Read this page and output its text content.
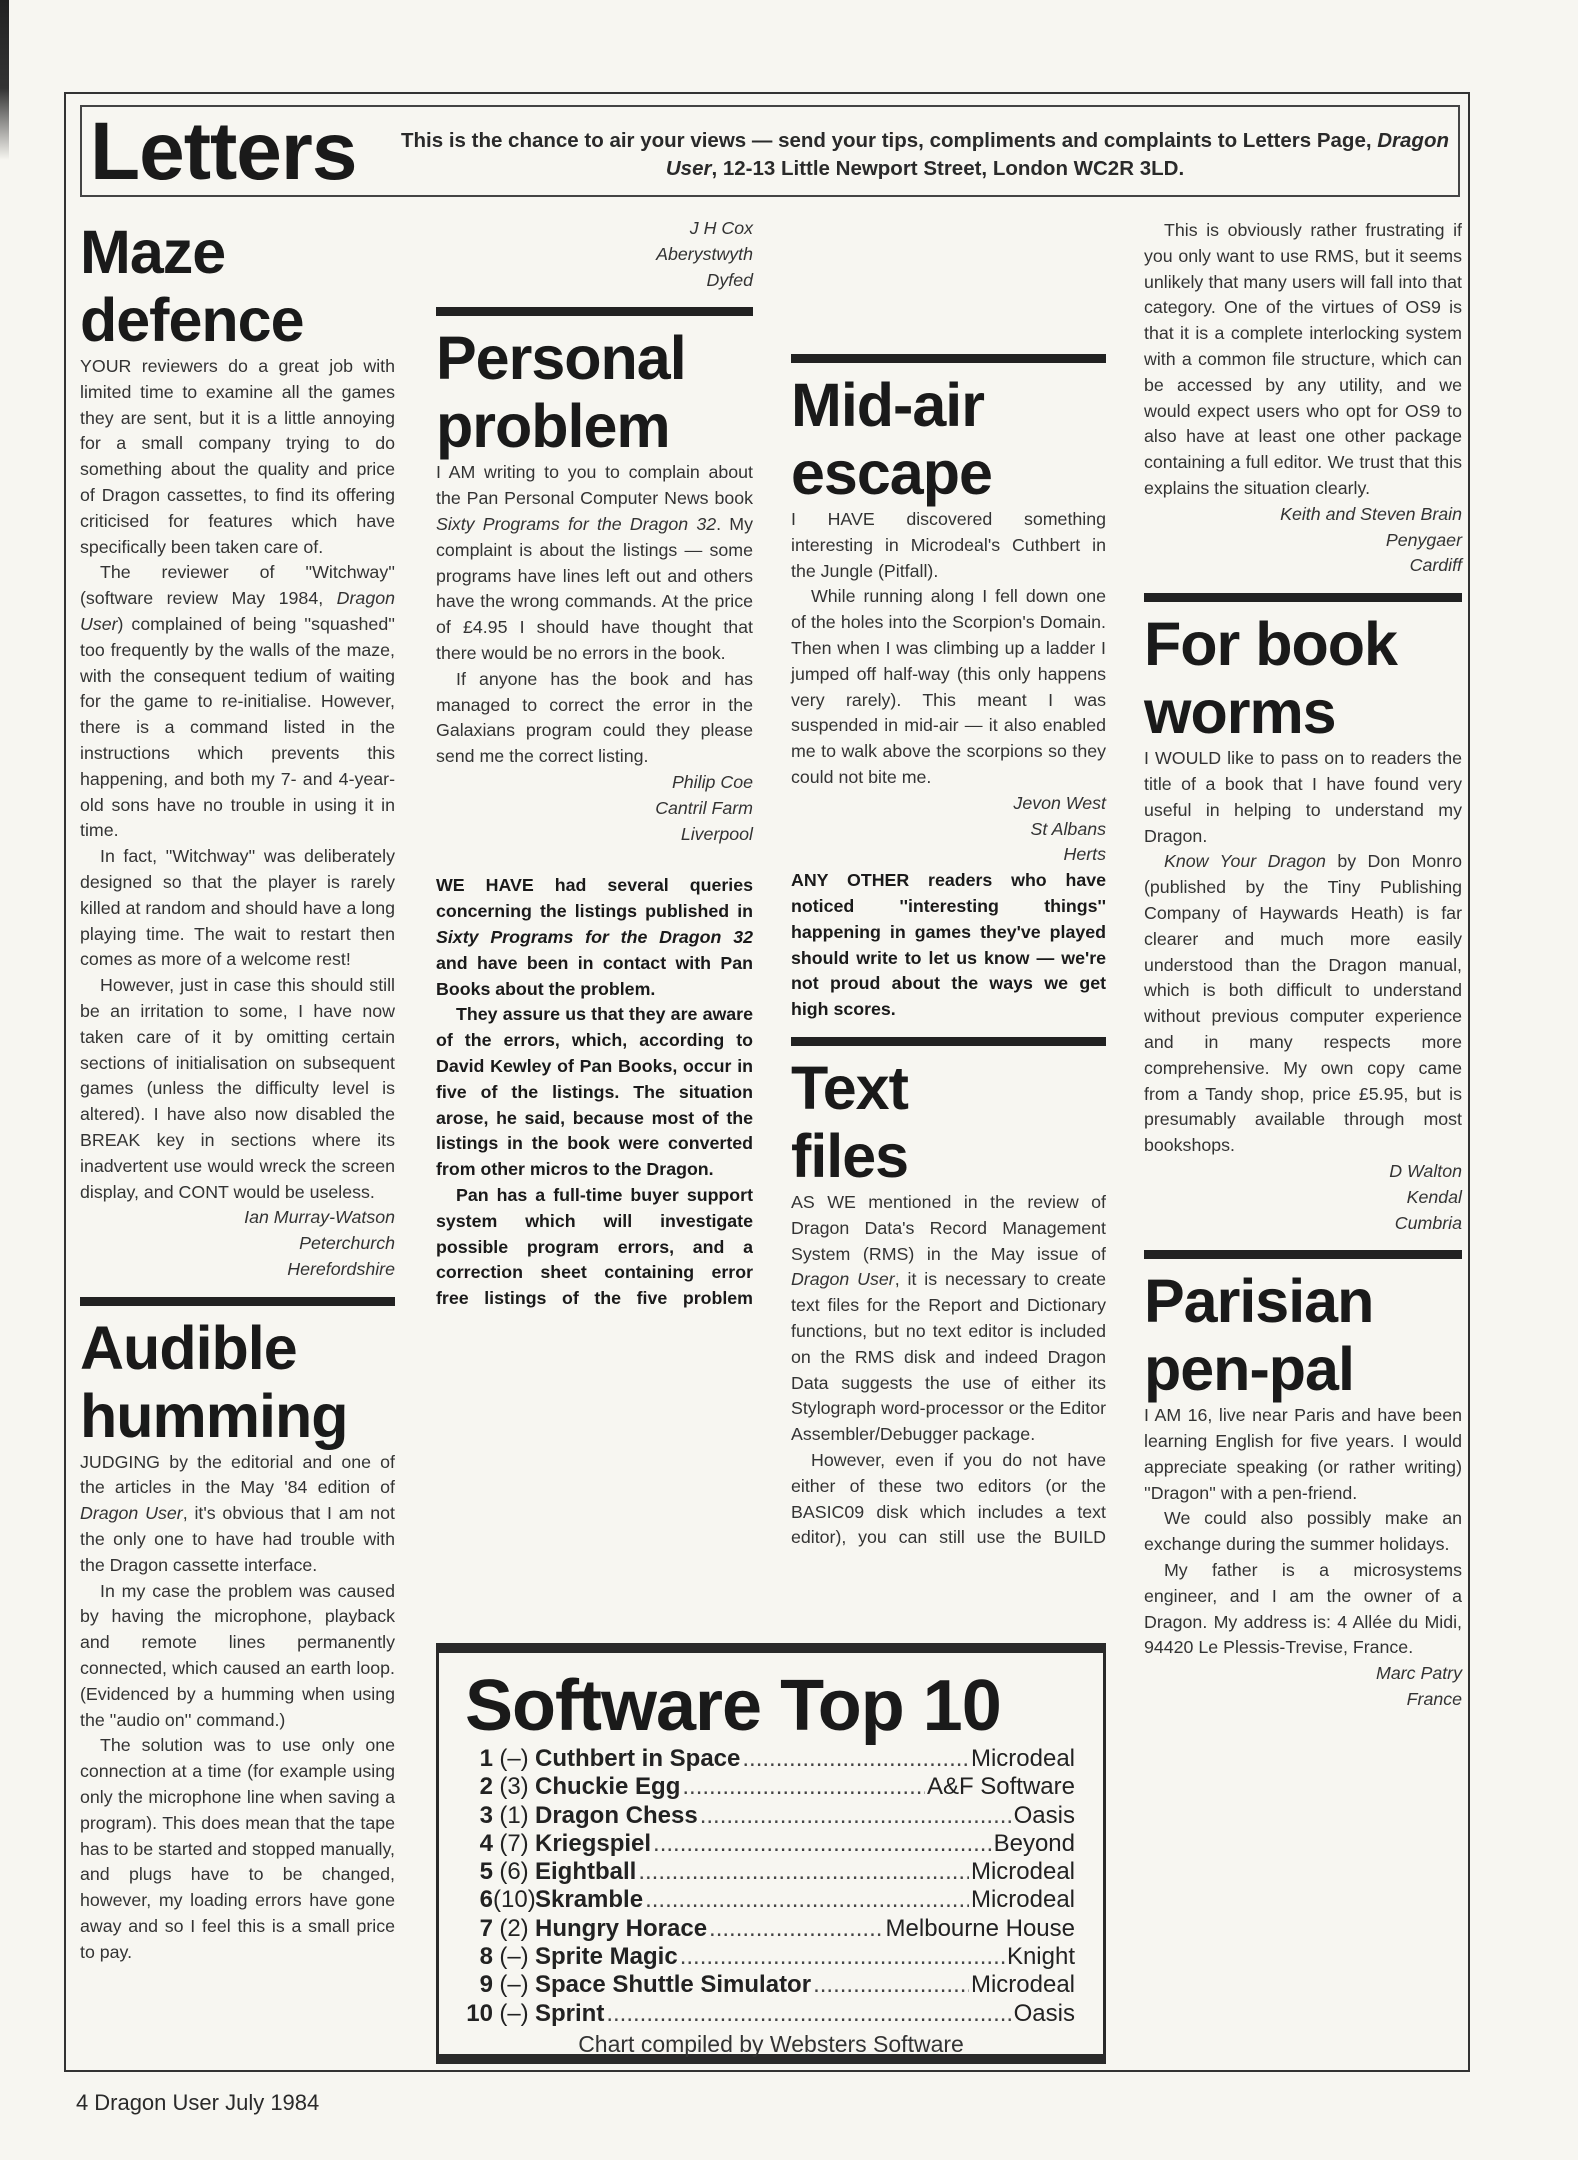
Letters This is the chance to air your views — send your tips, compliments and complaints to Letters Page, Dragon User, 12-13 Little Newport Street, London WC2R 3LD.
Maze
defence

YOUR reviewers do a great job with limited time to examine all the games they are sent, but it is a little annoying for a small company trying to do something about the quality and price of Dragon cassettes, to find its offering criticised for features which have specifically been taken care of.

The reviewer of ''Witchway'' (software review May 1984, Dragon User) complained of being ''squashed'' too frequently by the walls of the maze, with the consequent tedium of waiting for the game to re-initialise. However, there is a command listed in the instructions which prevents this happening, and both my 7- and 4-year-old sons have no trouble in using it in time.

In fact, ''Witchway'' was deliberately designed so that the player is rarely killed at random and should have a long playing time. The wait to restart then comes as more of a welcome rest!

However, just in case this should still be an irritation to some, I have now taken care of it by omitting certain sections of initialisation on subsequent games (unless the difficulty level is altered). I have also now disabled the BREAK key in sections where its inadvertent use would wreck the screen display, and CONT would be useless.

Ian Murray-Watson
Peterchurch
Herefordshire
Audible
humming

JUDGING by the editorial and one of the articles in the May '84 edition of Dragon User, it's obvious that I am not the only one to have had trouble with the Dragon cassette interface.

In my case the problem was caused by having the microphone, playback and remote lines permanently connected, which caused an earth loop. (Evidenced by a humming when using the ''audio on'' command.)

The solution was to use only one connection at a time (for example using only the microphone line when saving a program). This does mean that the tape has to be started and stopped manually, and plugs have to be changed, however, my loading errors have gone away and so I feel this is a small price to pay.

J H Cox
Aberystwyth
Dyfed
Personal
problem

I AM writing to you to complain about the Pan Personal Computer News book Sixty Programs for the Dragon 32. My complaint is about the listings — some programs have lines left out and others have the wrong commands. At the price of £4.95 I should have thought that there would be no errors in the book.

If anyone has the book and has managed to correct the error in the Galaxians program could they please send me the correct listing.

Philip Coe
Cantril Farm
Liverpool

WE HAVE had several queries concerning the listings published in Sixty Programs for the Dragon 32 and have been in contact with Pan Books about the problem.

They assure us that they are aware of the errors, which, according to David Kewley of Pan Books, occur in five of the listings. The situation arose, he said, because most of the listings in the book were converted from other micros to the Dragon.

Pan has a full-time buyer support system which will investigate possible program errors, and a correction sheet containing error free listings of the five problem

Mid-air
escape

I HAVE discovered something interesting in Microdeal's Cuthbert in the Jungle (Pitfall).

While running along I fell down one of the holes into the Scorpion's Domain. Then when I was climbing up a ladder I jumped off half-way (this only happens very rarely). This meant I was suspended in mid-air — it also enabled me to walk above the scorpions so they could not bite me.

Jevon West
St Albans
Herts

ANY OTHER readers who have noticed ''interesting things'' happening in games they've played should write to let us know — we're not proud about the ways we get high scores.

Text
files

AS WE mentioned in the review of Dragon Data's Record Management System (RMS) in the May issue of Dragon User, it is necessary to create text files for the Report and Dictionary functions, but no text editor is included on the RMS disk and indeed Dragon Data suggests the use of either its Stylograph word-processor or the Editor Assembler/Debugger package.

However, even if you do not have either of these two editors (or the BASIC09 disk which includes a text editor), you can still use the BUILD

This is obviously rather frustrating if you only want to use RMS, but it seems unlikely that many users will fall into that category. One of the virtues of OS9 is that it is a complete interlocking system with a common file structure, which can be accessed by any utility, and we would expect users who opt for OS9 to also have at least one other package containing a full editor. We trust that this explains the situation clearly.

Keith and Steven Brain
Penygaer
Cardiff
For book
worms

I WOULD like to pass on to readers the title of a book that I have found very useful in helping to understand my Dragon.

Know Your Dragon by Don Monro (published by the Tiny Publishing Company of Haywards Heath) is far clearer and much more easily understood than the Dragon manual, which is both difficult to understand without previous computer experience and in many respects more comprehensive. My own copy came from a Tandy shop, price £5.95, but is presumably available through most bookshops.

D Walton
Kendal
Cumbria
Parisian
pen-pal

I AM 16, live near Paris and have been learning English for five years. I would appreciate speaking (or rather writing) ''Dragon'' with a pen-friend.

We could also possibly make an exchange during the summer holidays.

My father is a microsystems engineer, and I am the owner of a Dragon. My address is: 4 Allée du Midi, 94420 Le Plessis-Trevise, France.

Marc Patry
France
Software Top 10
1 (–) Cuthbert in Space .....	Microdeal
2 (3) Chuckie Egg .....	A&F Software
3 (1) Dragon Chess .....	Oasis
4 (7) Kriegspiel .....	Beyond
5 (6) Eightball .....	Microdeal
6 (10) Skramble .....	Microdeal
7 (2) Hungry Horace .....	Melbourne House
8 (–) Sprite Magic .....	Knight
9 (–) Space Shuttle Simulator .....	Microdeal
10 (–) Sprint .....	Oasis
Chart compiled by Websters Software
4 Dragon User July 1984
